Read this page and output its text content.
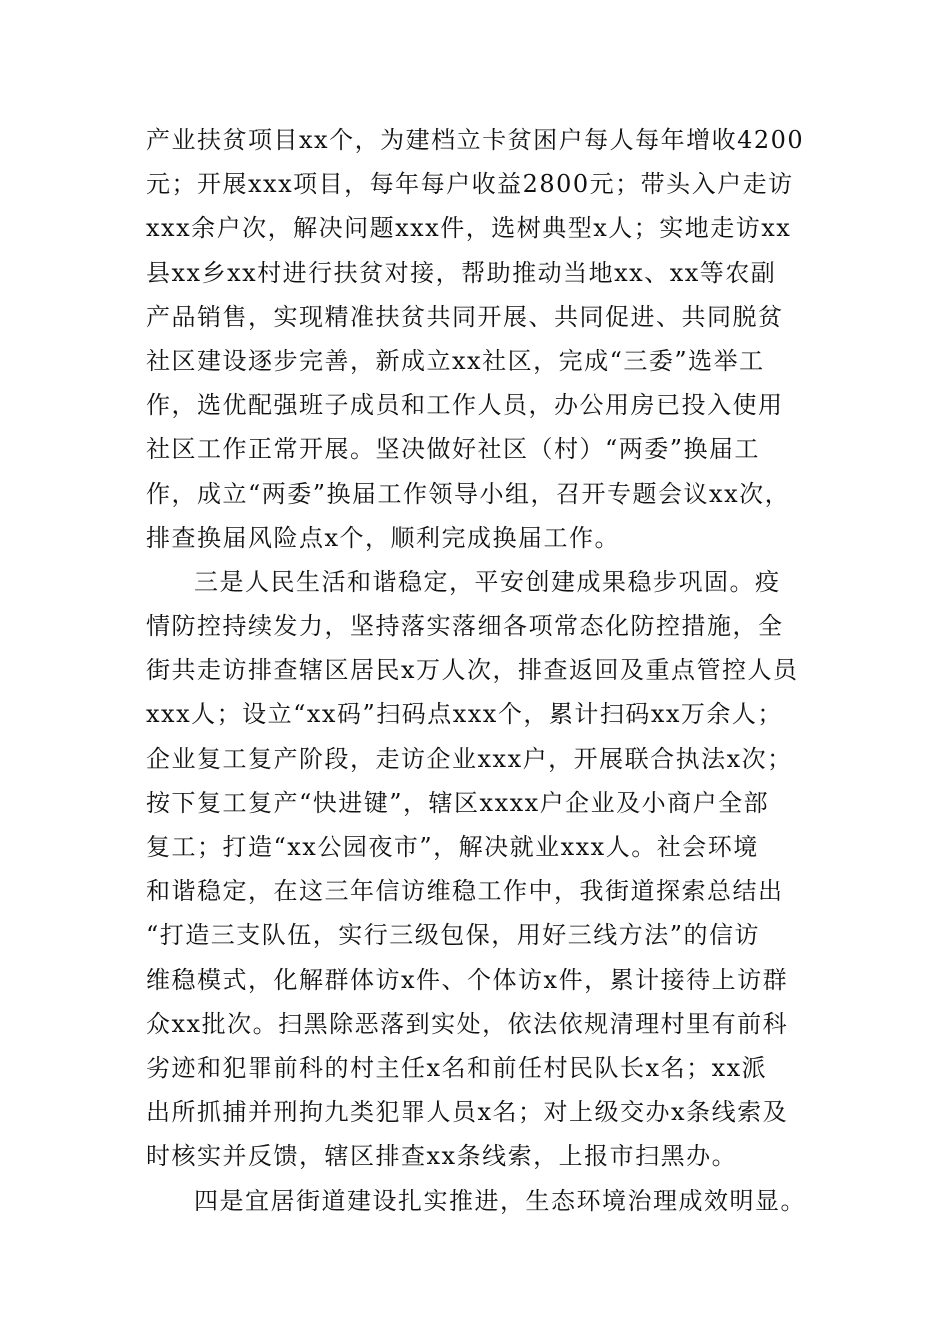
产业扶贫项目xx个，为建档立卡贫困户每人每年增收4200
元；开展xxx项目，每年每户收益2800元；带头入户走访
xxx余户次，解决问题xxx件，选树典型x人；实地走访xx
县xx乡xx村进行扶贫对接，帮助推动当地xx、xx等农副
产品销售，实现精准扶贫共同开展、共同促进、共同脱贫
社区建设逐步完善，新成立xx社区，完成“三委”选举工
作，选优配强班子成员和工作人员，办公用房已投入使用
社区工作正常开展。坚决做好社区（村）“两委”换届工
作，成立“两委”换届工作领导小组，召开专题会议xx次，
排查换届风险点x个，顺利完成换届工作。
三是人民生活和谐稳定，平安创建成果稳步巩固。疫
情防控持续发力，坚持落实落细各项常态化防控措施，全
街共走访排查辖区居民x万人次，排查返回及重点管控人员
xxx人；设立“xx码”扫码点xxx个，累计扫码xx万余人；
企业复工复产阶段，走访企业xxx户，开展联合执法x次；
按下复工复产“快进键”，辖区xxxx户企业及小商户全部
复工；打造“xx公园夜市”，解决就业xxx人。社会环境
和谐稳定，在这三年信访维稳工作中，我街道探索总结出
“打造三支队伍，实行三级包保，用好三线方法”的信访
维稳模式，化解群体访x件、个体访x件，累计接待上访群
众xx批次。扫黑除恶落到实处，依法依规清理村里有前科
劣迹和犯罪前科的村主任x名和前任村民队长x名；xx派
出所抓捕并刑拘九类犯罪人员x名；对上级交办x条线索及
时核实并反馈，辖区排查xx条线索，上报市扫黑办。
四是宜居街道建设扎实推进，生态环境治理成效明显。
